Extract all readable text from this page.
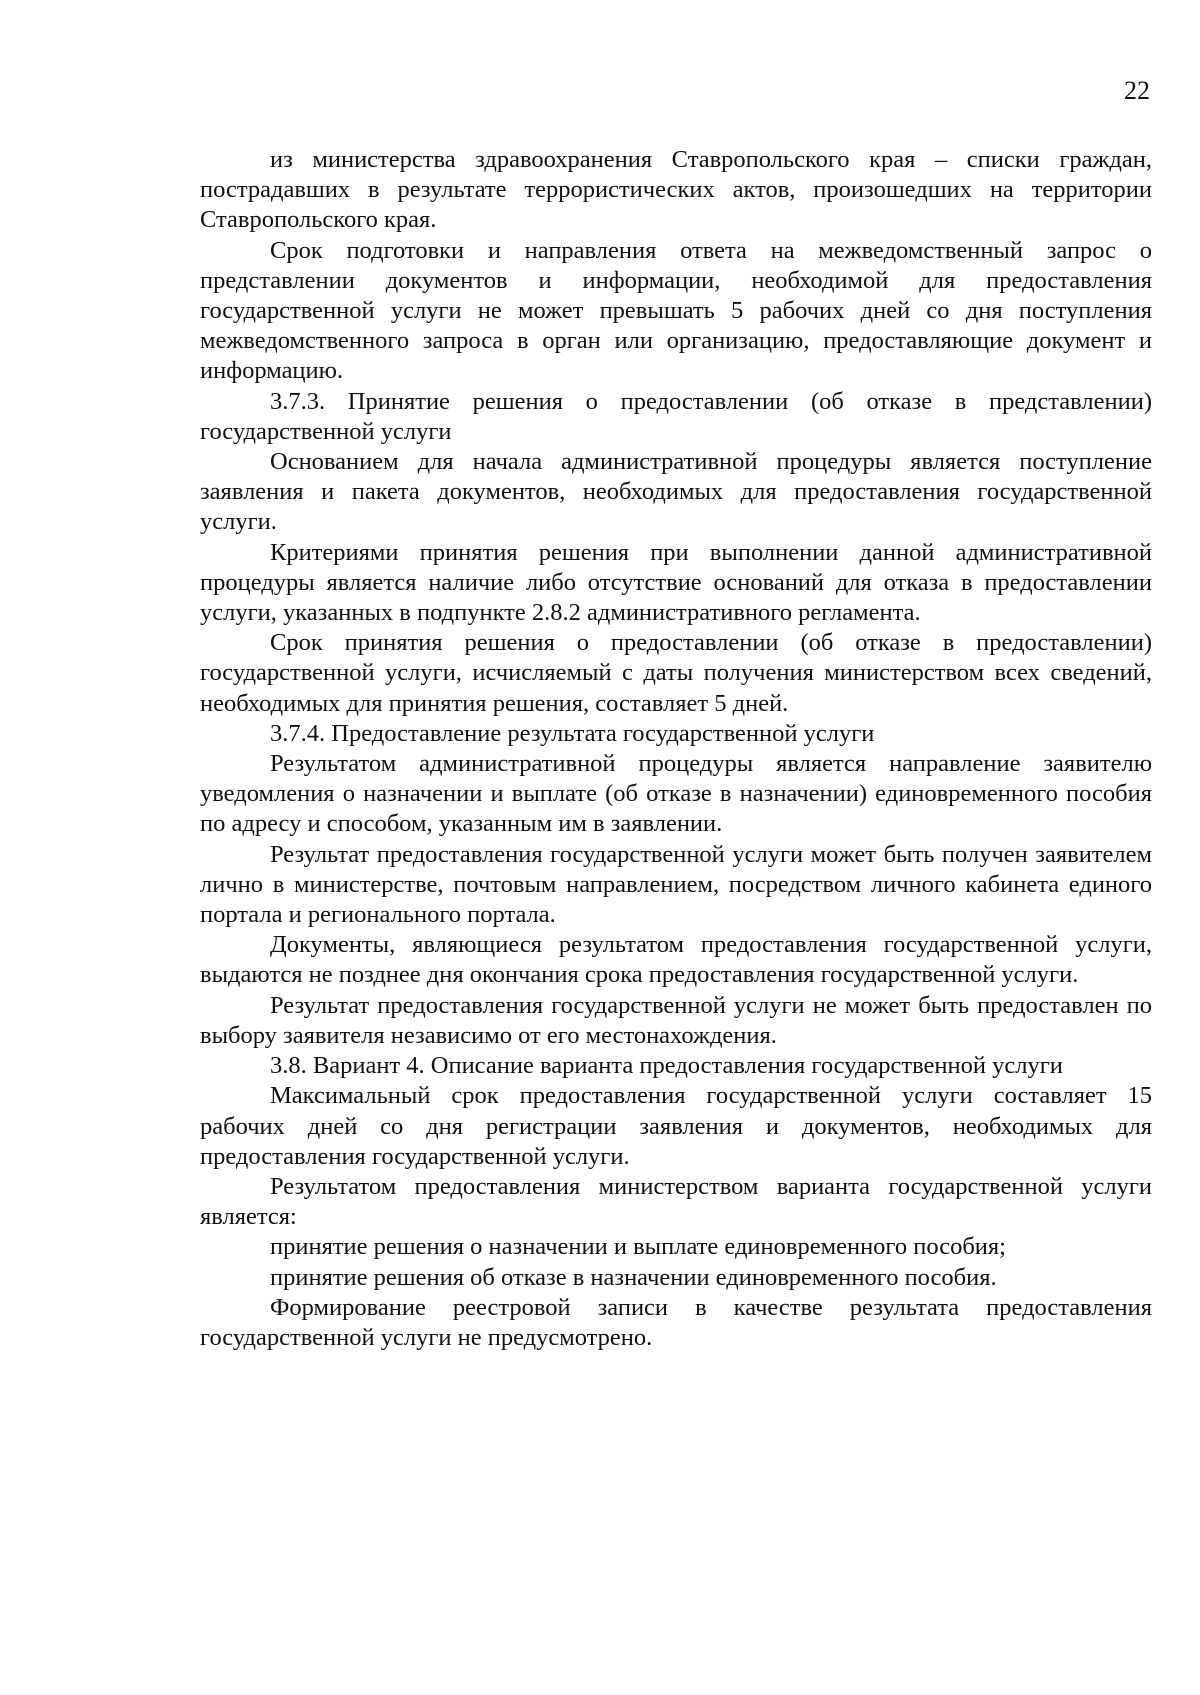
22

из министерства здравоохранения Ставропольского края – списки граждан, пострадавших в результате террористических актов, произошедших на территории Ставропольского края.

Срок подготовки и направления ответа на межведомственный запрос о представлении документов и информации, необходимой для предоставления государственной услуги не может превышать 5 рабочих дней со дня поступления межведомственного запроса в орган или организацию, предоставляющие документ и информацию.

3.7.3. Принятие решения о предоставлении (об отказе в представлении) государственной услуги

Основанием для начала административной процедуры является поступление заявления и пакета документов, необходимых для предоставления государственной услуги.

Критериями принятия решения при выполнении данной административной процедуры является наличие либо отсутствие оснований для отказа в предоставлении услуги, указанных в подпункте 2.8.2 административного регламента.

Срок принятия решения о предоставлении (об отказе в предоставлении) государственной услуги, исчисляемый с даты получения министерством всех сведений, необходимых для принятия решения, составляет 5 дней.

3.7.4. Предоставление результата государственной услуги

Результатом административной процедуры является направление заявителю уведомления о назначении и выплате (об отказе в назначении) единовременного пособия по адресу и способом, указанным им в заявлении.

Результат предоставления государственной услуги может быть получен заявителем лично в министерстве, почтовым направлением, посредством личного кабинета единого портала и регионального портала.

Документы, являющиеся результатом предоставления государственной услуги, выдаются не позднее дня окончания срока предоставления государственной услуги.

Результат предоставления государственной услуги не может быть предоставлен по выбору заявителя независимо от его местонахождения.

3.8. Вариант 4. Описание варианта предоставления государственной услуги

Максимальный срок предоставления государственной услуги составляет 15 рабочих дней со дня регистрации заявления и документов, необходимых для предоставления государственной услуги.

Результатом предоставления министерством варианта государственной услуги является:

принятие решения о назначении и выплате единовременного пособия;

принятие решения об отказе в назначении единовременного пособия.

Формирование реестровой записи в качестве результата предоставления государственной услуги не предусмотрено.
